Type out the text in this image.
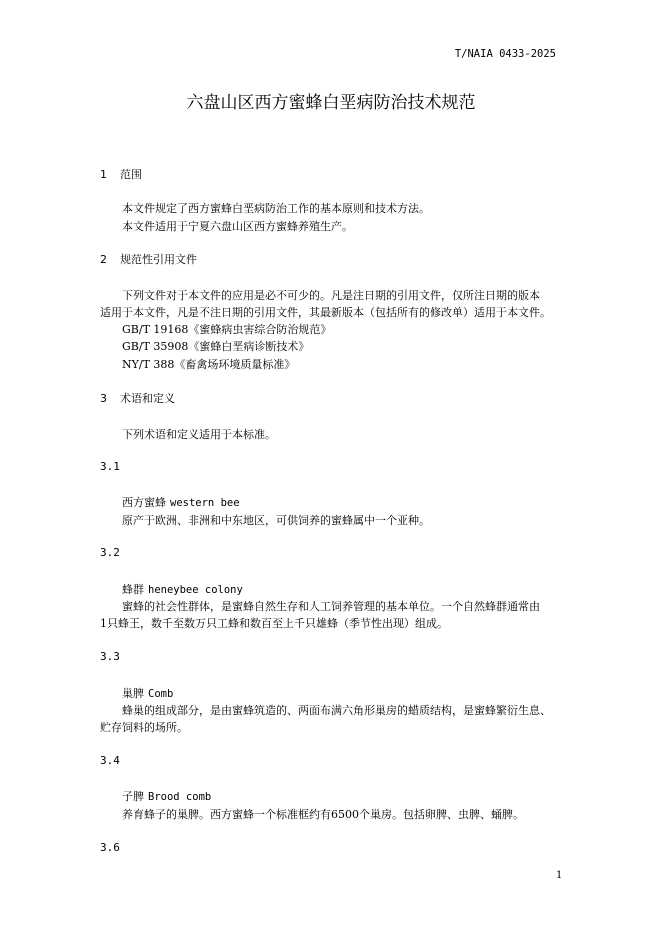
T/NAIA 0433-2025
六盘山区西方蜜蜂白垩病防治技术规范
1 范围
本文件规定了西方蜜蜂白垩病防治工作的基本原则和技术方法。
本文件适用于宁夏六盘山区西方蜜蜂养殖生产。
2 规范性引用文件
下列文件对于本文件的应用是必不可少的。凡是注日期的引用文件，仅所注日期的版本
适用于本文件，凡是不注日期的引用文件，其最新版本（包括所有的修改单）适用于本文件。
GB/T 19168《蜜蜂病虫害综合防治规范》
GB/T 35908《蜜蜂白垩病诊断技术》
NY/T 388《畜禽场环境质量标准》
3 术语和定义
下列术语和定义适用于本标准。
3.1
西方蜜蜂 western bee
原产于欧洲、非洲和中东地区，可供饲养的蜜蜂属中一个亚种。
3.2
蜂群 heneybee colony
蜜蜂的社会性群体，是蜜蜂自然生存和人工饲养管理的基本单位。一个自然蜂群通常由
1只蜂王，数千至数万只工蜂和数百至上千只雄蜂（季节性出现）组成。
3.3
巢脾 Comb
蜂巢的组成部分，是由蜜蜂筑造的、两面布满六角形巢房的蜡质结构，是蜜蜂繁衍生息、
贮存饲料的场所。
3.4
子脾 Brood comb
养育蜂子的巢脾。西方蜜蜂一个标准框约有6500个巢房。包括卵脾、虫脾、蛹脾。
3.6
1
